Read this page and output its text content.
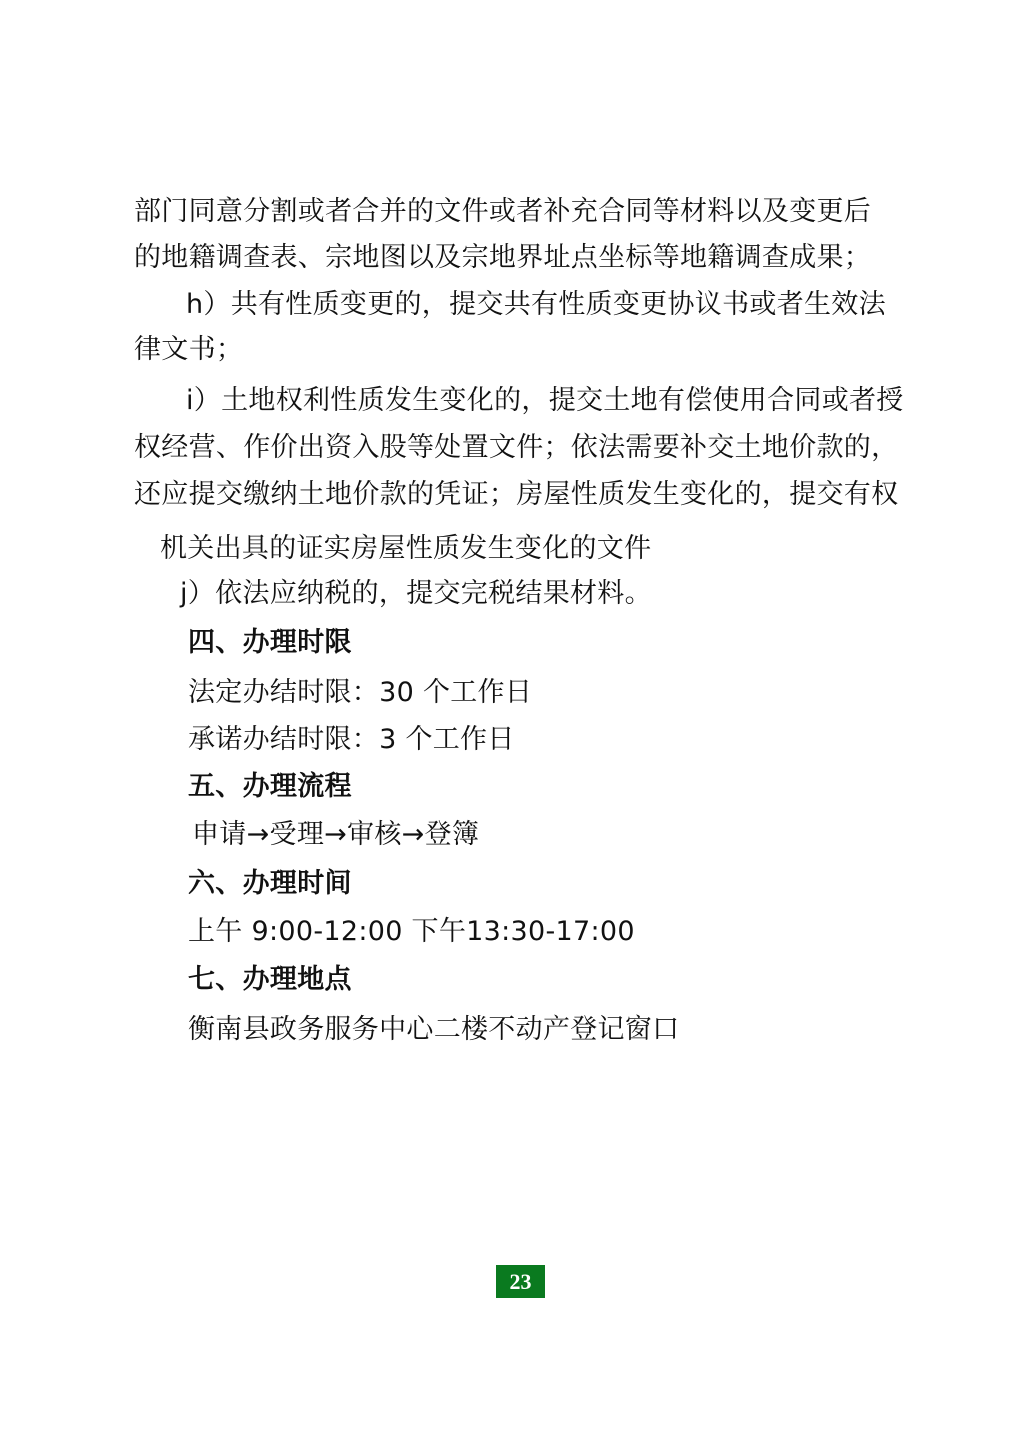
部门同意分割或者合并的文件或者补充合同等材料以及变更后
的地籍调查表、宗地图以及宗地界址点坐标等地籍调查成果；
h）共有性质变更的，提交共有性质变更协议书或者生效法
律文书；
i）土地权利性质发生变化的，提交土地有偿使用合同或者授
权经营、作价出资入股等处置文件；依法需要补交土地价款的，
还应提交缴纳土地价款的凭证；房屋性质发生变化的，提交有权
机关出具的证实房屋性质发生变化的文件
j）依法应纳税的，提交完税结果材料。
四、办理时限
法定办结时限：30 个工作日
承诺办结时限：3 个工作日
五、办理流程
申请→受理→审核→登簿
六、办理时间
上午 9:00-12:00 下午13:30-17:00
七、办理地点
衡南县政务服务中心二楼不动产登记窗口
23
